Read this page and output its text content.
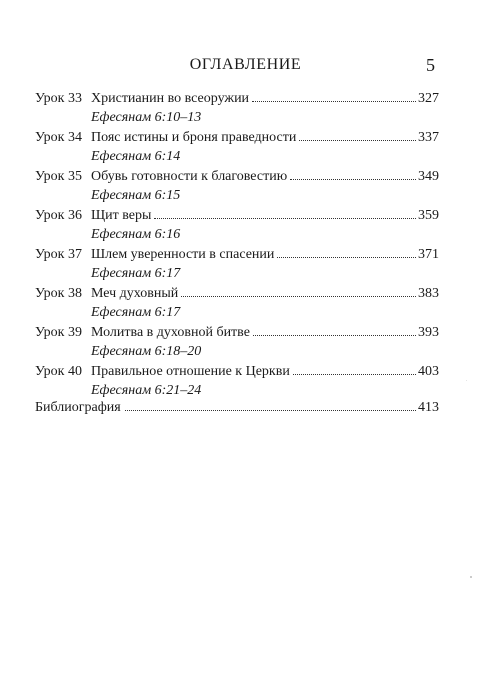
ОГЛАВЛЕНИЕ	5
Урок 33 Христианин во всеоружии	327
Ефесянам 6:10–13
Урок 34 Пояс истины и броня праведности	337
Ефесянам 6:14
Урок 35 Обувь готовности к благовестию	349
Ефесянам 6:15
Урок 36 Щит веры	359
Ефесянам 6:16
Урок 37 Шлем уверенности в спасении	371
Ефесянам 6:17
Урок 38 Меч духовный	383
Ефесянам 6:17
Урок 39 Молитва в духовной битве	393
Ефесянам 6:18–20
Урок 40 Правильное отношение к Церкви	403
Ефесянам 6:21–24
Библиография	413
